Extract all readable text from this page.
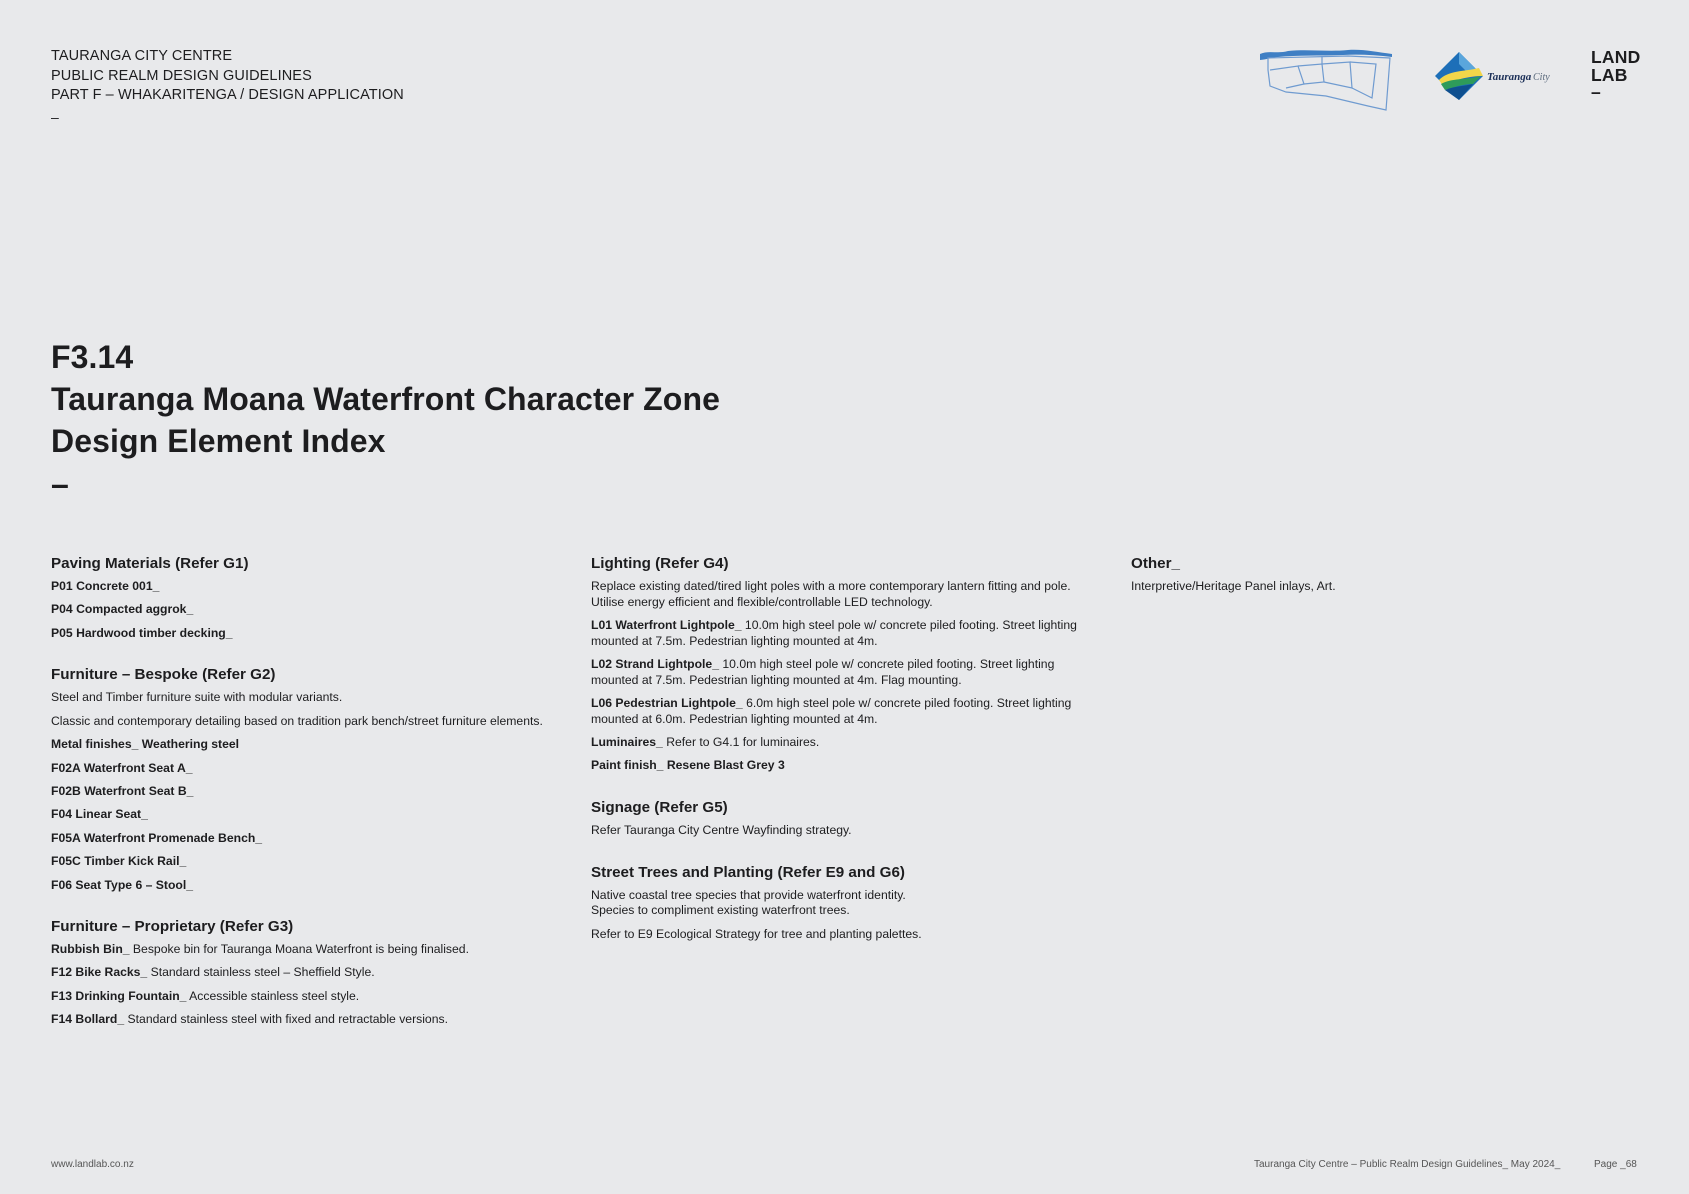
TAURANGA CITY CENTRE
PUBLIC REALM DESIGN GUIDELINES
PART F – WHAKARITENGA / DESIGN APPLICATION
–
Tauranga City
LAND
LAB
–
F3.14
Tauranga Moana Waterfront Character Zone
Design Element Index
–
Paving Materials (Refer G1)

P01 Concrete 001_

P04 Compacted aggrok_

P05 Hardwood timber decking_

Furniture – Bespoke (Refer G2)

Steel and Timber furniture suite with modular variants.

Classic and contemporary detailing based on tradition park bench/street furniture elements.

Metal finishes_ Weathering steel

F02A Waterfront Seat A_

F02B Waterfront Seat B_

F04 Linear Seat_

F05A Waterfront Promenade Bench_

F05C Timber Kick Rail_

F06 Seat Type 6 – Stool_

Furniture – Proprietary (Refer G3)

Rubbish Bin_ Bespoke bin for Tauranga Moana Waterfront is being finalised.

F12 Bike Racks_ Standard stainless steel – Sheffield Style.

F13 Drinking Fountain_ Accessible stainless steel style.

F14 Bollard_ Standard stainless steel with fixed and retractable versions.

Lighting (Refer G4)

Replace existing dated/tired light poles with a more contemporary lantern fitting and pole. Utilise energy efficient and flexible/controllable LED technology.

L01 Waterfront Lightpole_ 10.0m high steel pole w/ concrete piled footing. Street lighting mounted at 7.5m. Pedestrian lighting mounted at 4m.

L02 Strand Lightpole_ 10.0m high steel pole w/ concrete piled footing. Street lighting mounted at 7.5m. Pedestrian lighting mounted at 4m. Flag mounting.

L06 Pedestrian Lightpole_ 6.0m high steel pole w/ concrete piled footing. Street lighting mounted at 6.0m. Pedestrian lighting mounted at 4m.

Luminaires_ Refer to G4.1 for luminaires.

Paint finish_ Resene Blast Grey 3

Signage (Refer G5)

Refer Tauranga City Centre Wayfinding strategy.

Street Trees and Planting (Refer E9 and G6)

Native coastal tree species that provide waterfront identity.
Species to compliment existing waterfront trees.

Refer to E9 Ecological Strategy for tree and planting palettes.

Other_

Interpretive/Heritage Panel inlays, Art.

www.landlab.co.nz	Tauranga City Centre – Public Realm Design Guidelines_ May 2024_	Page _68
